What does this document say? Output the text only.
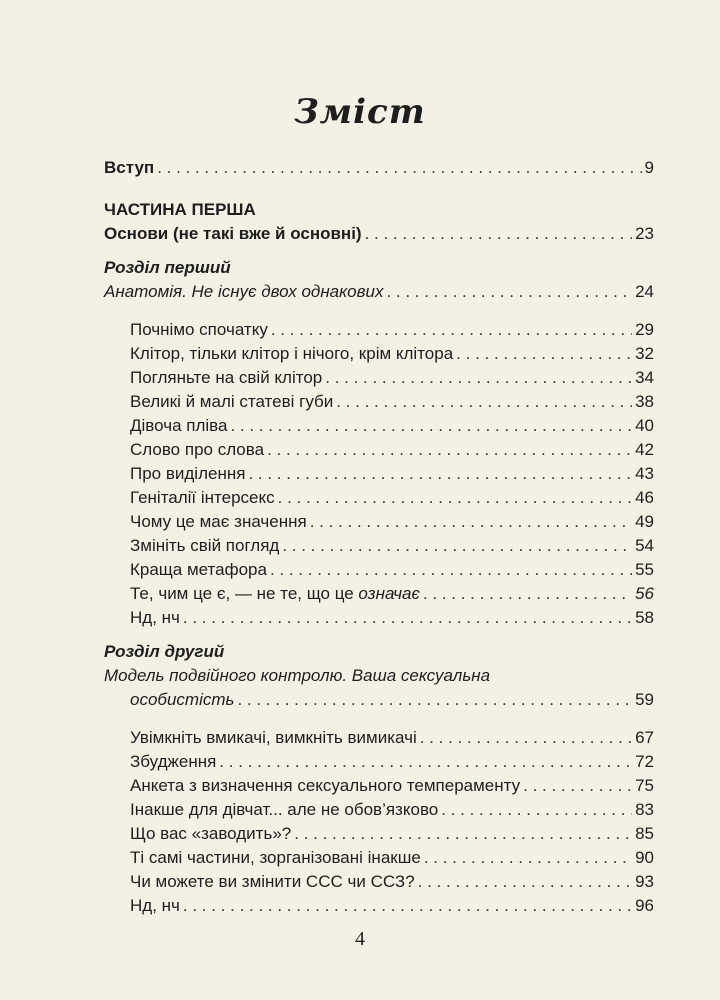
Зміст
Вступ . . .	9
ЧАСТИНА ПЕРША
Основи (не такі вже й основні) . . .	23
Розділ перший
Анатомія. Не існує двох однакових . . .	24
Почнімо спочатку . . .	29
Клітор, тільки клітор і нічого, крім клітора . . .	32
Погляньте на свій клітор . . .	34
Великі й малі статеві губи . . .	38
Дівоча пліва . . .	40
Слово про слова . . .	42
Про виділення . . .	43
Геніталії інтерсекс . . .	46
Чому це має значення . . .	49
Змініть свій погляд . . .	54
Краща метафора . . .	55
Те, чим це є, — не те, що це означає . . .	56
Нд, нч . . .	58
Розділ другий
Модель подвійного контролю. Ваша сексуальна
особистість . . .	59
Увімкніть вмикачі, вимкніть вимикачі . . .	67
Збудження . . .	72
Анкета з визначення сексуального темпераменту . . .	75
Інакше для дівчат... але не обов’язково . . .	83
Що вас «заводить»? . . .	85
Ті самі частини, зорганізовані інакше . . .	90
Чи можете ви змінити ССС чи ССЗ? . . .	93
Нд, нч . . .	96
4
